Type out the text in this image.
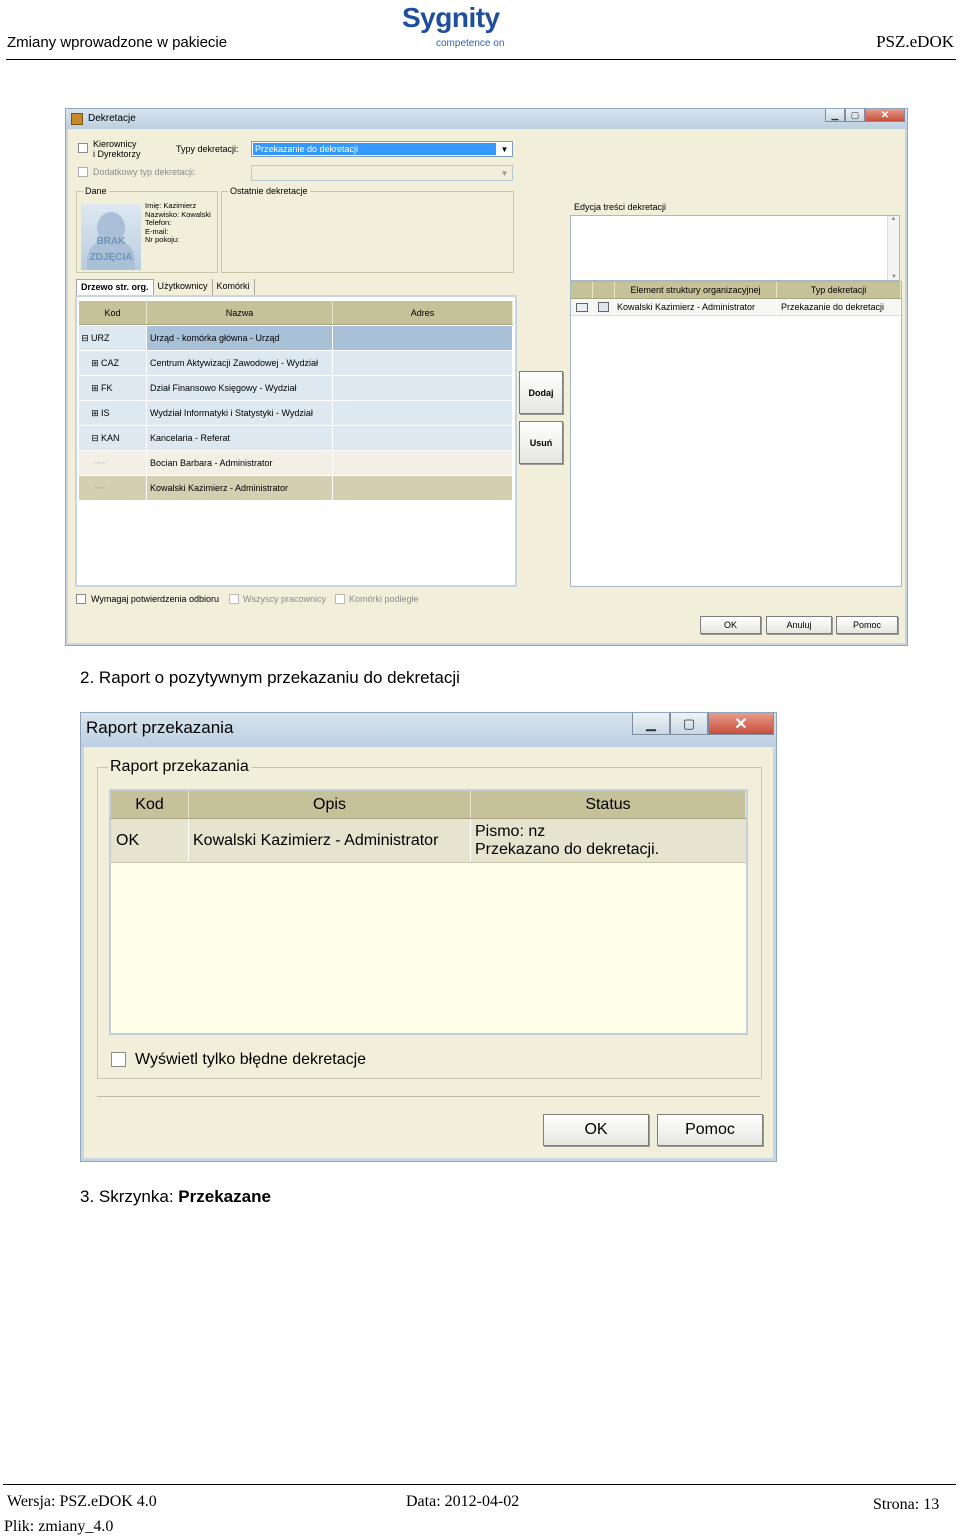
Zmiany wprowadzone w pakiecie
Sygnity
competence on	PSZ.eDOK
Dekretacje	▁	▢	✕
Kierownicy
i Dyrektorzy	Typy dekretacji: Przekazanie do dekretacji	▼
Dodatkowy typ dekretacji:	▼
Dane
BRAK
ZDJĘCIA
Imię: Kazimierz
Nazwisko: Kowalski
Telefon:
E-mail:
Nr pokoju:
Ostatnie dekretacje
Edycja treści dekretacji
▲
▼
Drzewo str. org.	Użytkownicy	Komórki
Kod	Nazwa	Adres
⊟ URZ	Urząd - komórka główna - Urząd
⊞ CAZ	Centrum Aktywizacji Zawodowej - Wydział
⊞ FK	Dział Finansowo Księgowy - Wydział
⊞ IS	Wydział Informatyki i Statystyki - Wydział
⊟ KAN	Kancelaria - Referat
┈┈	Bocian Barbara - Administrator
┈┈	Kowalski Kazimierz - Administrator
Dodaj
Usuń
Element struktury organizacyjnej	Typ dekretacji
Kowalski Kazimierz - Administrator	Przekazanie do dekretacji
Wymagaj potwierdzenia odbioru	Wszyscy pracownicy	Komórki podległe
OK	Anuluj	Pomoc
2. Raport o pozytywnym przekazaniu do dekretacji
Raport przekazania	▁	▢	✕
Raport przekazania
Kod	Opis	Status
OK	Kowalski Kazimierz - Administrator	Pismo: nz
Przekazano do dekretacji.
Wyświetl tylko błędne dekretacje
OK	Pomoc
3. Skrzynka: Przekazane
Wersja: PSZ.eDOK 4.0	Data: 2012-04-02	Strona: 13
Plik: zmiany_4.0
